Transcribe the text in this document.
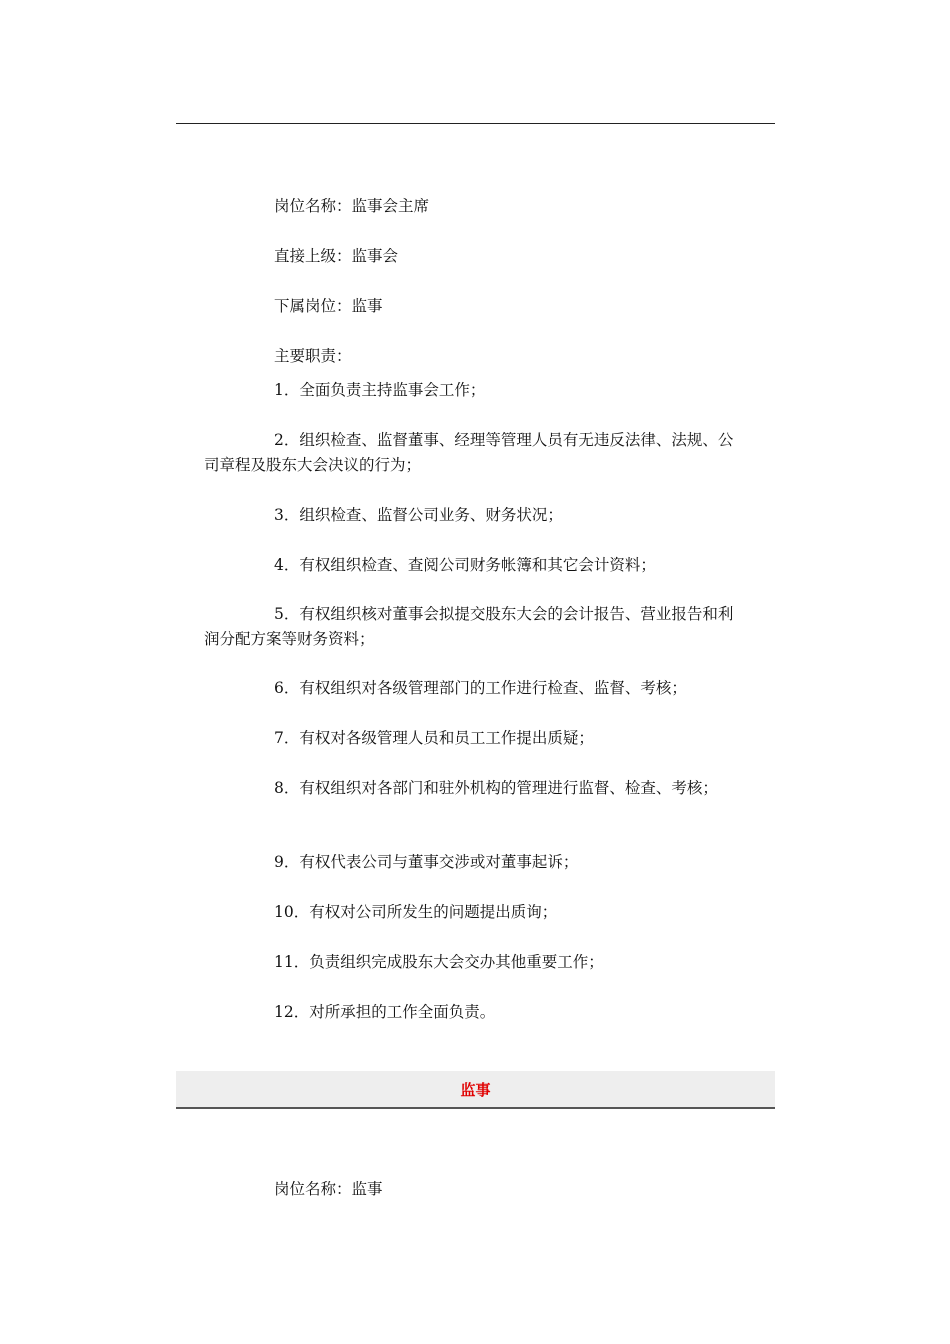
岗位名称：监事会主席

直接上级：监事会

下属岗位：监事

主要职责：

1．全面负责主持监事会工作；

2．组织检查、监督董事、经理等管理人员有无违反法律、法规、公司章程及股东大会决议的行为；

3．组织检查、监督公司业务、财务状况；

4．有权组织检查、查阅公司财务帐簿和其它会计资料；

5．有权组织核对董事会拟提交股东大会的会计报告、营业报告和利润分配方案等财务资料；

6．有权组织对各级管理部门的工作进行检查、监督、考核；

7．有权对各级管理人员和员工工作提出质疑；

8．有权组织对各部门和驻外机构的管理进行监督、检查、考核；

9．有权代表公司与董事交涉或对董事起诉；

10．有权对公司所发生的问题提出质询；

11．负责组织完成股东大会交办其他重要工作；

12．对所承担的工作全面负责。

监事

岗位名称：监事
